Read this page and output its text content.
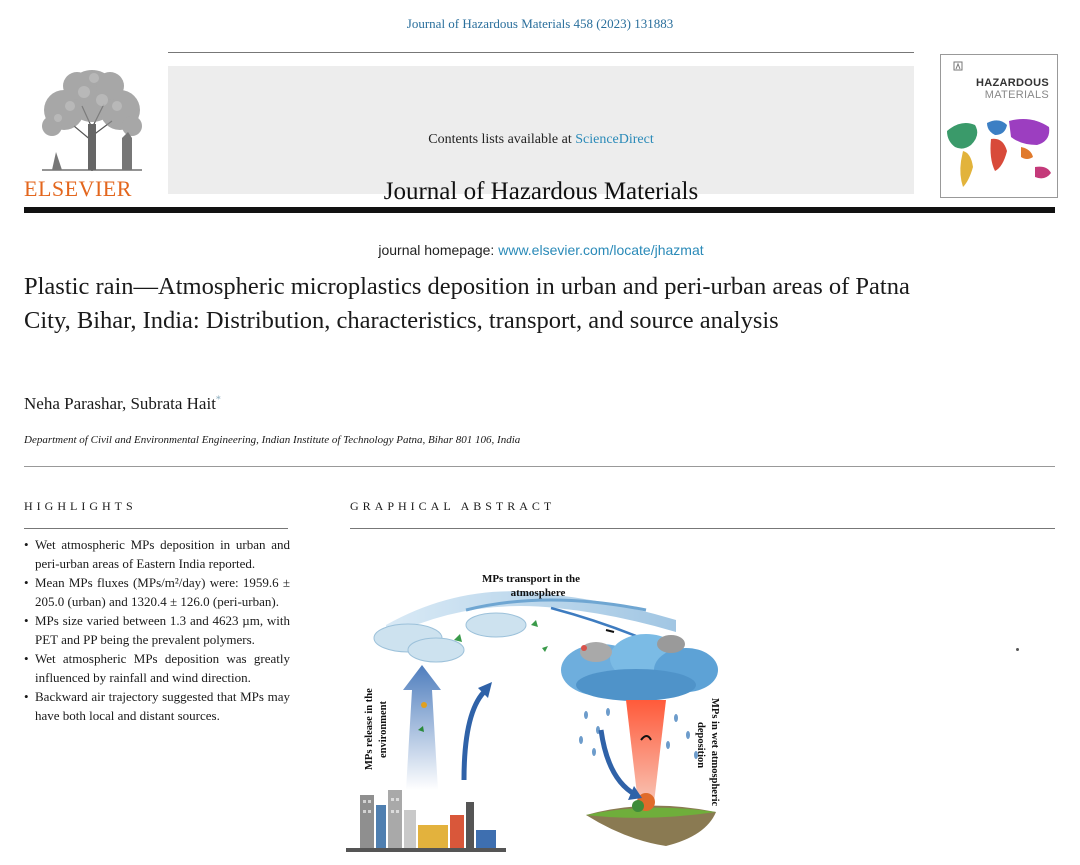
Journal of Hazardous Materials 458 (2023) 131883
ELSEVIER
Contents lists available at ScienceDirect
Journal of Hazardous Materials
journal homepage: www.elsevier.com/locate/jhazmat
HAZARDOUS
MATERIALS
Plastic rain—Atmospheric microplastics deposition in urban and peri-urban areas of Patna City, Bihar, India: Distribution, characteristics, transport, and source analysis
Neha Parashar, Subrata Hait*
Department of Civil and Environmental Engineering, Indian Institute of Technology Patna, Bihar 801 106, India
HIGHLIGHTS
• Wet atmospheric MPs deposition in urban and peri-urban areas of Eastern India reported.
• Mean MPs fluxes (MPs/m²/day) were: 1959.6 ± 205.0 (urban) and 1320.4 ± 126.0 (peri-urban).
• MPs size varied between 1.3 and 4623 µm, with PET and PP being the prevalent polymers.
• Wet atmospheric MPs deposition was greatly influenced by rainfall and wind direction.
• Backward air trajectory suggested that MPs may have both local and distant sources.
GRAPHICAL ABSTRACT
MPs transport in the
atmosphere
MPs release in the environment	MPs in wet atmospheric
deposition
